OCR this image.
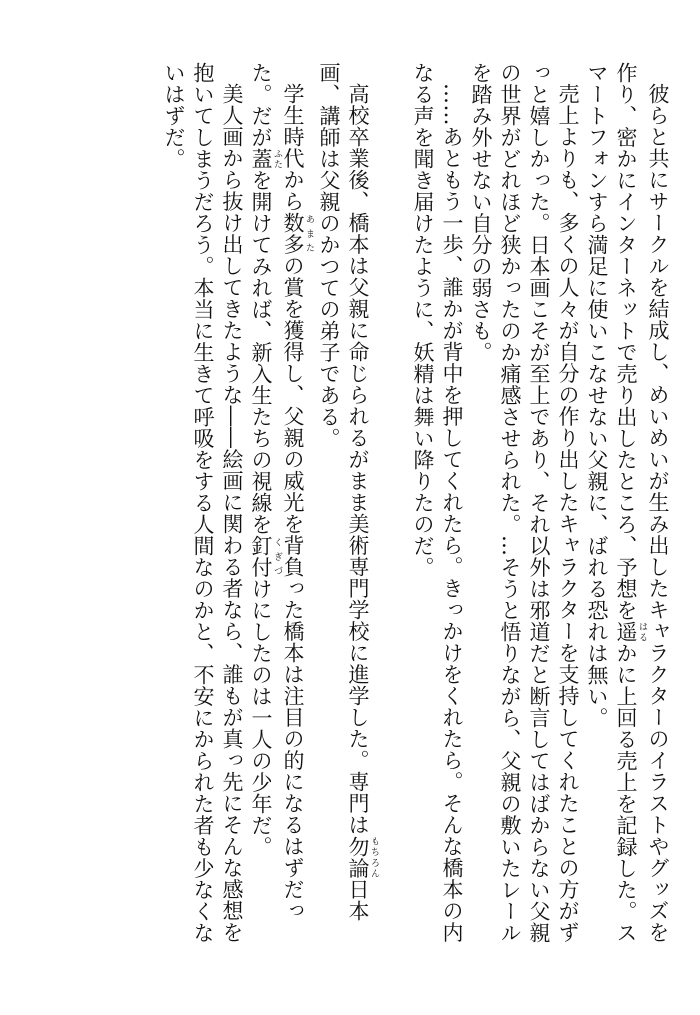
彼らと共にサークルを結成し、めいめいが生み出したキャラクターのイラストやグッズを作り、密かにインターネットで売り出したところ、予想を遥 はるかに上回る売上を記録した。スマートフォンすら満足に使いこなせない父親に、ばれる恐れは無い。

売上よりも、多くの人々が自分の作り出したキャラクターを支持してくれたことの方がずっと嬉しかった。日本画こそが至上であり、それ以外は邪道だと断言してはばからない父親の世界がどれほど狭かったのか痛感させられた。…そうと悟りながら、父親の敷いたレールを踏み外せない自分の弱さも。

……あともう一歩、誰かが背中を押してくれたら。きっかけをくれたら。そんな橋本の内なる声を聞き届けたように、妖精は舞い降りたのだ。

高校卒業後、橋本は父親に命じられるがまま美術専門学校に進学した。専門は勿論 もちろん日本画、講師は父親のかつての弟子である。

学生時代から数多 あまたの賞を獲得し、父親の威光を背負った橋本は注目の的になるはずだった。だが蓋 ふたを開けてみれば、新入生たちの視線を釘付 くぎづけにしたのは一人の少年だ。

美人画から抜け出してきたような――絵画に関わる者なら、誰もが真っ先にそんな感想を抱いてしまうだろう。本当に生きて呼吸をする人間なのかと、不安にかられた者も少なくないはずだ。
